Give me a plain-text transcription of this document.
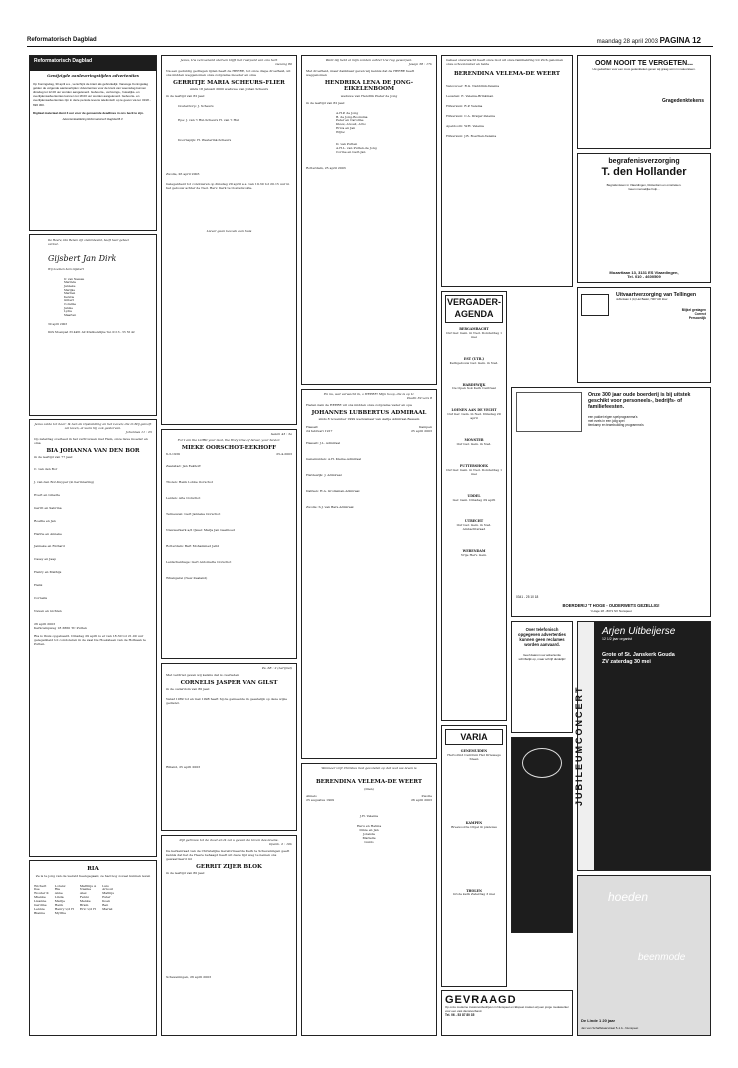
Reformatorisch Dagblad	maandag 28 april 2003 PAGINA 12
Reformatorisch Dagblad
Gewijzigde aanleveringstijden advertenties
Op Koningsdag, 30 april a.s., verschijnt de krant als gebruikelijk. Vanwege Koningsdag gelden de volgende aanlevertijden: Advertenties voor de krant van woensdag kunnen dinsdag tot 12.00 uur worden aangeleverd. Geboorte-, verlovings-, huwelijks- en overlijdensadvertenties kunnen tot 18.00 uur worden aangeleverd. Geboorte- en overlijdensadvertenties zijn in deze periode tevens telefonisch op te geven via tel. 0318 - 696 300.
Digitaal materiaal dient 3 uur voor de genoemde deadlines in ons bezit te zijn.
Advertentieafdeling Reformatorisch Dagblad B.V.
De Heere, Die Benen zijt ondersteund, heeft haar geheel verlost.
Gijsbert Jan Dirk
Wij noemen hem Gijsbert
Ir. van Nassau
Marinde
Janneke
Marijke
Martien
Kerstie
Gilbert
Coraline
Jannie
Lydia
Maarten
30 april 2003
Dirk Moenpad 33 4461 AZ Krabbendijke Tel. 0113 - 55 55 42
Jezus zeide tot haar: Ik ben de Opstanding en het Leven; die in Mij gelooft zal leven, al ware hij ook gestorven.
Johannes 11 : 25
Op zaterdag overleed in het vertrouwen met Hem, onze lieve moeder en oma
BIA JOHANNA VAN DEN BOR
in de leeftijd van 77 jaar.
C. van den Bor
J. van den Bor-Kuyper (in herinnering)
Evert en Ginette
Gerrit en Sabrina
Roelfie en Jan
Harrie en Anneke
Janneke en Richard
Casey en Jaap
Henry en Mathijs
Henk
Cornelis
Neven en nichten
26 april 2003
Kerkcampweg 18 3860 TC Putten
Ria is thuis opgebaard. Dinsdag 29 april is er van 18.30 tot 21.00 uur gelegenheid tot condoleren in de zaal De Hoeksteen van de Hofkaan te Putten.
RIA
Ze is te jong van de wereld heengegaan; ze had nog zoveel kunnen leven
Wichert
Ilse
Wouter K
Mienke
Lisanne
Gerdine
Lennie
Bianne
Lorenz
Ria
Anne
Linda
Marije
Henk
Henry v/d H
Mytthe
Matthijs A
Nienke
Alex
Fenni
Menke
Bram
Eric v/d H
Luis
Arnout
Mathijs
Ester
Koen
Ben
Mariet
Jezus, Uw verzoenend sterven blijft het rustpunt van ons hart
Gezang 80
Na een geduldig gedragen lijden heeft de HEERE, tot onze diepe droefheid, uit ons midden weggenomen onze zorgzame moeder en oma
GERRITJE MARIA SCHEURS-FLIER
sinds 18 januari 2000 weduwe van Johan Scheurs
in de leeftijd van 82 jaar.
Oosterdorp: J. Scheurs
Epe: J. van 't Hul-Scheurs H. van 't Hul
Doornspijk: H. Westerink-Scheurs
Zwolle, 26 april 2003
Gelegenheid tot condoleren op dinsdag 29 april a.s. van 19.30 tot 20.15 uur in het gebouw achter de Ned. Herv. Kerk te Oosterwolde.
Liever geen bezoek aan huis
Isaiah 43 : 3a
For I am the LORD your God, the Holy One of Israel, your Savior.
MIEKE OORSCHOT-EEKHOFF
6-3-1939	25-4-2003
Zaanstad: Jan Eekhoff
Tholen: Henk Lobke Oorschot
Leiden: Arie Oorschot
Terneuzen: Gert Janneke Oorschot
Nieuwerkerk a/d IJssel: Marja Jan Geelhoed
Rotterdam: Bart Mohammed Jelld
Leidschenhage: Gert Antoinette Oorschot
Whangarei (New Zealand)
Ps. 68 : 2 (berijmd)
Met verdriet geven wij kennis dat is overleden
CORNELIS JASPER VAN GILST
in de ouderdom van 80 jaar.
Vanaf 1989 tot en met 1998 heeft hij de gemeente in geestelijk op deze wijze gediend.
Rilland, 25 april 2003
Zijt getrouw tot de dood en Ik zal u geven de kroon des levens.
Openb. 2 : 10b
De kerkenraad van de Christelijke Gereformeerde Kerk te Scheveningen geeft kennis dat het de Heere behaagd heeft uit deze tijd weg te nemen ons gewaardeerd lid
GERRIT ZIJER BLOK
in de leeftijd van 80 jaar.
Scheveningen, 26 april 2003
Want Gij hebt al mijn zonden achter Uw rug geworpen.
Jesaja 38 : 17b
Met droefheid, maar dankbaar geven wij kennis dat de HEERE heeft weggenomen
HENDRIKA LENA DE JONG-EIKELENBOOM
weduwe van Hendrik Pieter de Jong
in de leeftijd van 82 jaar.
A.H.P. de Jong
B. de Jong-Boonsma
Peter en Caroline
Klaas, Anouk, Arno
Erica en Jan
Wijke
D. van Putten
A.H.L. van Putten-de Jong
Corine en Gert-Jan
Rotterdam, 25 april 2003
En nu, wat verwacht ik, o HEERE! Mijn hoop, die is op U.
Psalm 39 vers 8
Heden nam de HEERE uit ons midden onze zorgzame vader en opa
JOHANNES LUBBERTUS ADMIRAAL
sinds 8 november 1999 weduwnaar van Aaltje Admiraal-Bessem
Hasselt	Kampen
24 februari 1917	25 april 2003
Hasselt: J.L. Admiraal
Genemuiden: A.H. Kleine-Admiraal
Hardewijk: J. Admiraal
Dalfsen: H.A. Grolleman-Admiraal
Zwolle: S.J. van Bars-Admiraal
Wanneer vrijt Christus rust gevonden op dat wat uw leven is
BERENDINA VELEMA-DE WEERT
(Dien)
Almelo	Zwolle
25 augustus 1909	26 april 2003
J.H. Velema
Heru en Hetma
Dinie en Jan
Jolanda
Marielle
Guido
Geheel onverwacht heeft onze God uit onze familiekring tot Zich genomen onze schoonzuster en tante
BERENDINA VELEMA-DE WEERT
Vancouver: R.G. Nabbrink-Velema
Leusden: E. Velema-Brinkman
Hilversum: R.P. Velema
Hilversum: C.A. Draijer-Velema
Apeldoorn: W.H. Velema
Hilversum: J.B. Boertien-Velema
VERGADER-AGENDA
BERGAMBACHT
Ouf Ger. Gem. in Ned. Donderdag 1 mei
EST (UTR.)
Kerkgebouw Ger. Gem. in Ned.
HARDEWIJK
De Open Sok Kerk Centraal
LOENEN AAN DE VECHT
Ouf Ger. Gem. in Ned. Dinsdag 29 april
MONSTER
Ouf Ger. Gem. in Ned.
PUTTERSHOEK
Ouf Ger. Gem. in Ned. Donderdag 1 mei
UDDEL
Ger. Gem. Dinsdag 29 april
UTRECHT
Ouf Ger. Gem. in Ned. Ambachtsraad
WERENDAM
Vrije Herv. Gem.
VARIA
GENEMUIDEN
Hervormd Centrum Het Driewegs Steen
KAMPEN
Breevoorde Orgel & pianoles
THOLEN
Grote kerk Zaterdag 3 mei
Over telefonisch opgegeven advertenties kunnen geen reclames worden aanvaard.
Geef daarom uw advertentie schriftelijk op, maar schrijf duidelijk!
GEVRAAGD
Op onze moderne trustomonbedrijven in Nunspeet en Elspeet zoeken wij een jonge medewerker voor een vast dienstverband.
Tel. 06 - 53 87 80 35
OOM NOOIT TE VERGETEN...
Uw gedachten voor een mooi gedenkteken geven wij graag vorm in natuursteen.
Gragedenktekens
begrafenisverzorging
T. den Hollander
Begrafenissen in Vlaardingen, Rotterdam en omstreken.
Geen menselijke hulp...
Mozartlaan 13, 3131 ES Vlaardingen,
Tel. 010 - 4600509
Uitvaartverzorging van Tellingen
Jeffenlaan 1 (A) Het Baakt, 7007 AD Zoer
Blijkel gestagen
Correct
Persoonlijk
Onze 300 jaar oude boerderij is bij uitstek geschikt voor personeels-, bedrijfs- of familiefeesten.
een pakket eigen spelprogramma's
met ezels in een jolig spel
tienkamp en teambuilding programma's
0341 - 25 10 18
BOERDERIJ 'T HOGE - OUDERWETS GEZELLIG!
't Hoge 18 - 8071 SV Nunspeet
JUBILEUMCONCERT
Arjen Uitbeijerse
12 1/2 jaar organist
Grote of St. Janskerk Gouda
ZV zaterdag 30 mei
hoeden
beenmode
De Linde 1 20 jaar
Jan van Schaffelaarstraat 5-1 A - Nunspeet
